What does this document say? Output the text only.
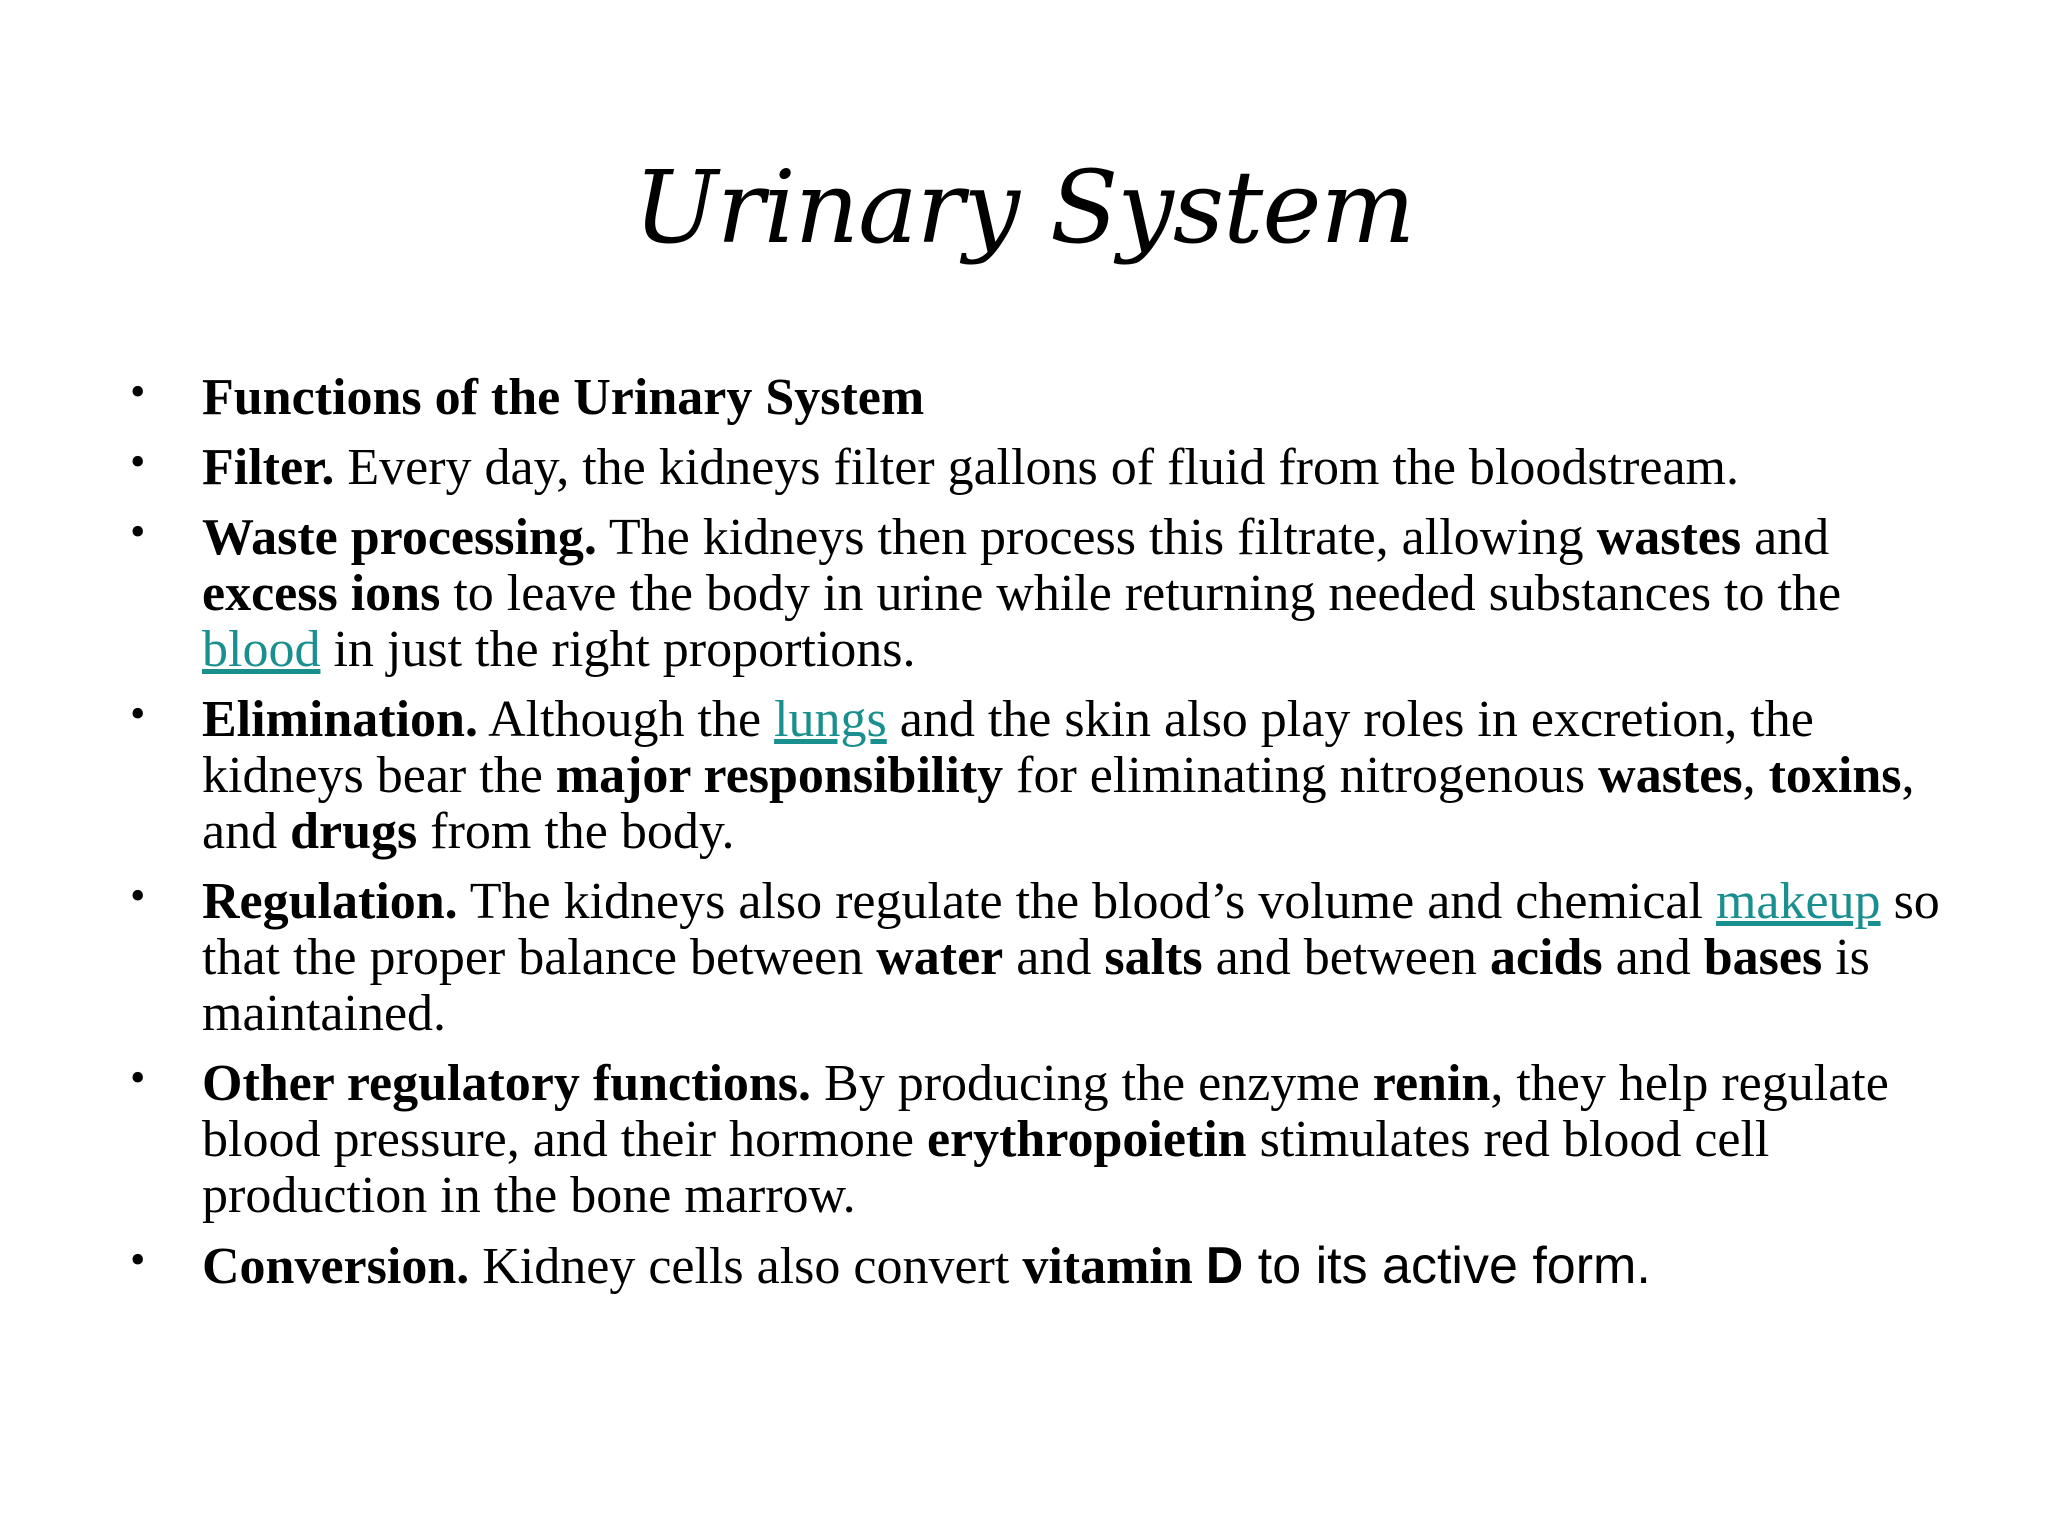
Urinary System
• Functions of the Urinary System
• Filter. Every day, the kidneys filter gallons of fluid from the bloodstream.
• Waste processing. The kidneys then process this filtrate, allowing wastes and excess ions to leave the body in urine while returning needed substances to the blood in just the right proportions.
• Elimination. Although the lungs and the skin also play roles in excretion, the kidneys bear the major responsibility for eliminating nitrogenous wastes, toxins, and drugs from the body.
• Regulation. The kidneys also regulate the blood’s volume and chemical makeup so that the proper balance between water and salts and between acids and bases is maintained.
• Other regulatory functions. By producing the enzyme renin, they help regulate blood pressure, and their hormone erythropoietin stimulates red blood cell production in the bone marrow.
• Conversion. Kidney cells also convert vitamin D to its active form.
